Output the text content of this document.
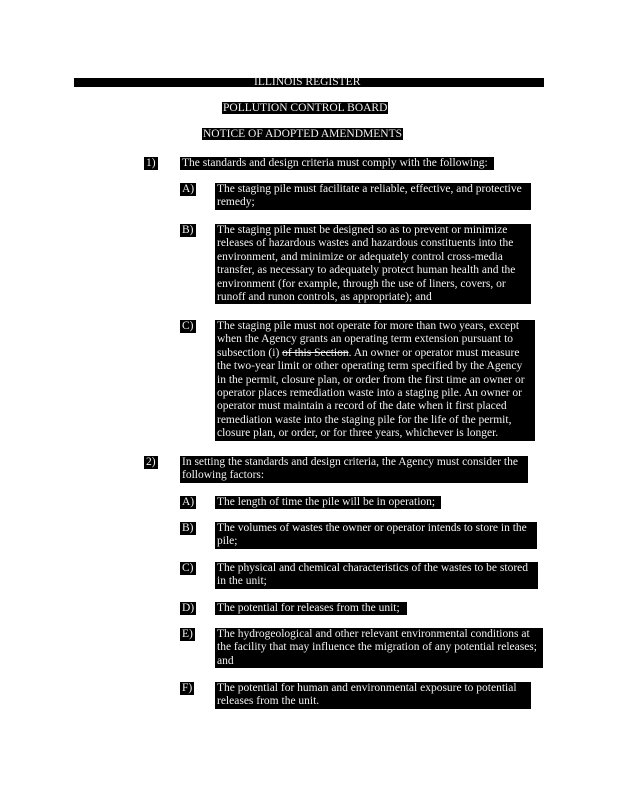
ILLINOIS REGISTER
POLLUTION CONTROL BOARD
NOTICE OF ADOPTED AMENDMENTS
1) The standards and design criteria must comply with the following:
A) The staging pile must facilitate a reliable, effective, and protective remedy;
B) The staging pile must be designed so as to prevent or minimize releases of hazardous wastes and hazardous constituents into the environment, and minimize or adequately control cross-media transfer, as necessary to adequately protect human health and the environment (for example, through the use of liners, covers, or runoff and runon controls, as appropriate); and
C) The staging pile must not operate for more than two years, except when the Agency grants an operating term extension pursuant to subsection (i) of this Section. An owner or operator must measure the two-year limit or other operating term specified by the Agency in the permit, closure plan, or order from the first time an owner or operator places remediation waste into a staging pile. An owner or operator must maintain a record of the date when it first placed remediation waste into the staging pile for the life of the permit, closure plan, or order, or for three years, whichever is longer.
2) In setting the standards and design criteria, the Agency must consider the following factors:
A) The length of time the pile will be in operation;
B) The volumes of wastes the owner or operator intends to store in the pile;
C) The physical and chemical characteristics of the wastes to be stored in the unit;
D) The potential for releases from the unit;
E) The hydrogeological and other relevant environmental conditions at the facility that may influence the migration of any potential releases; and
F) The potential for human and environmental exposure to potential releases from the unit.
